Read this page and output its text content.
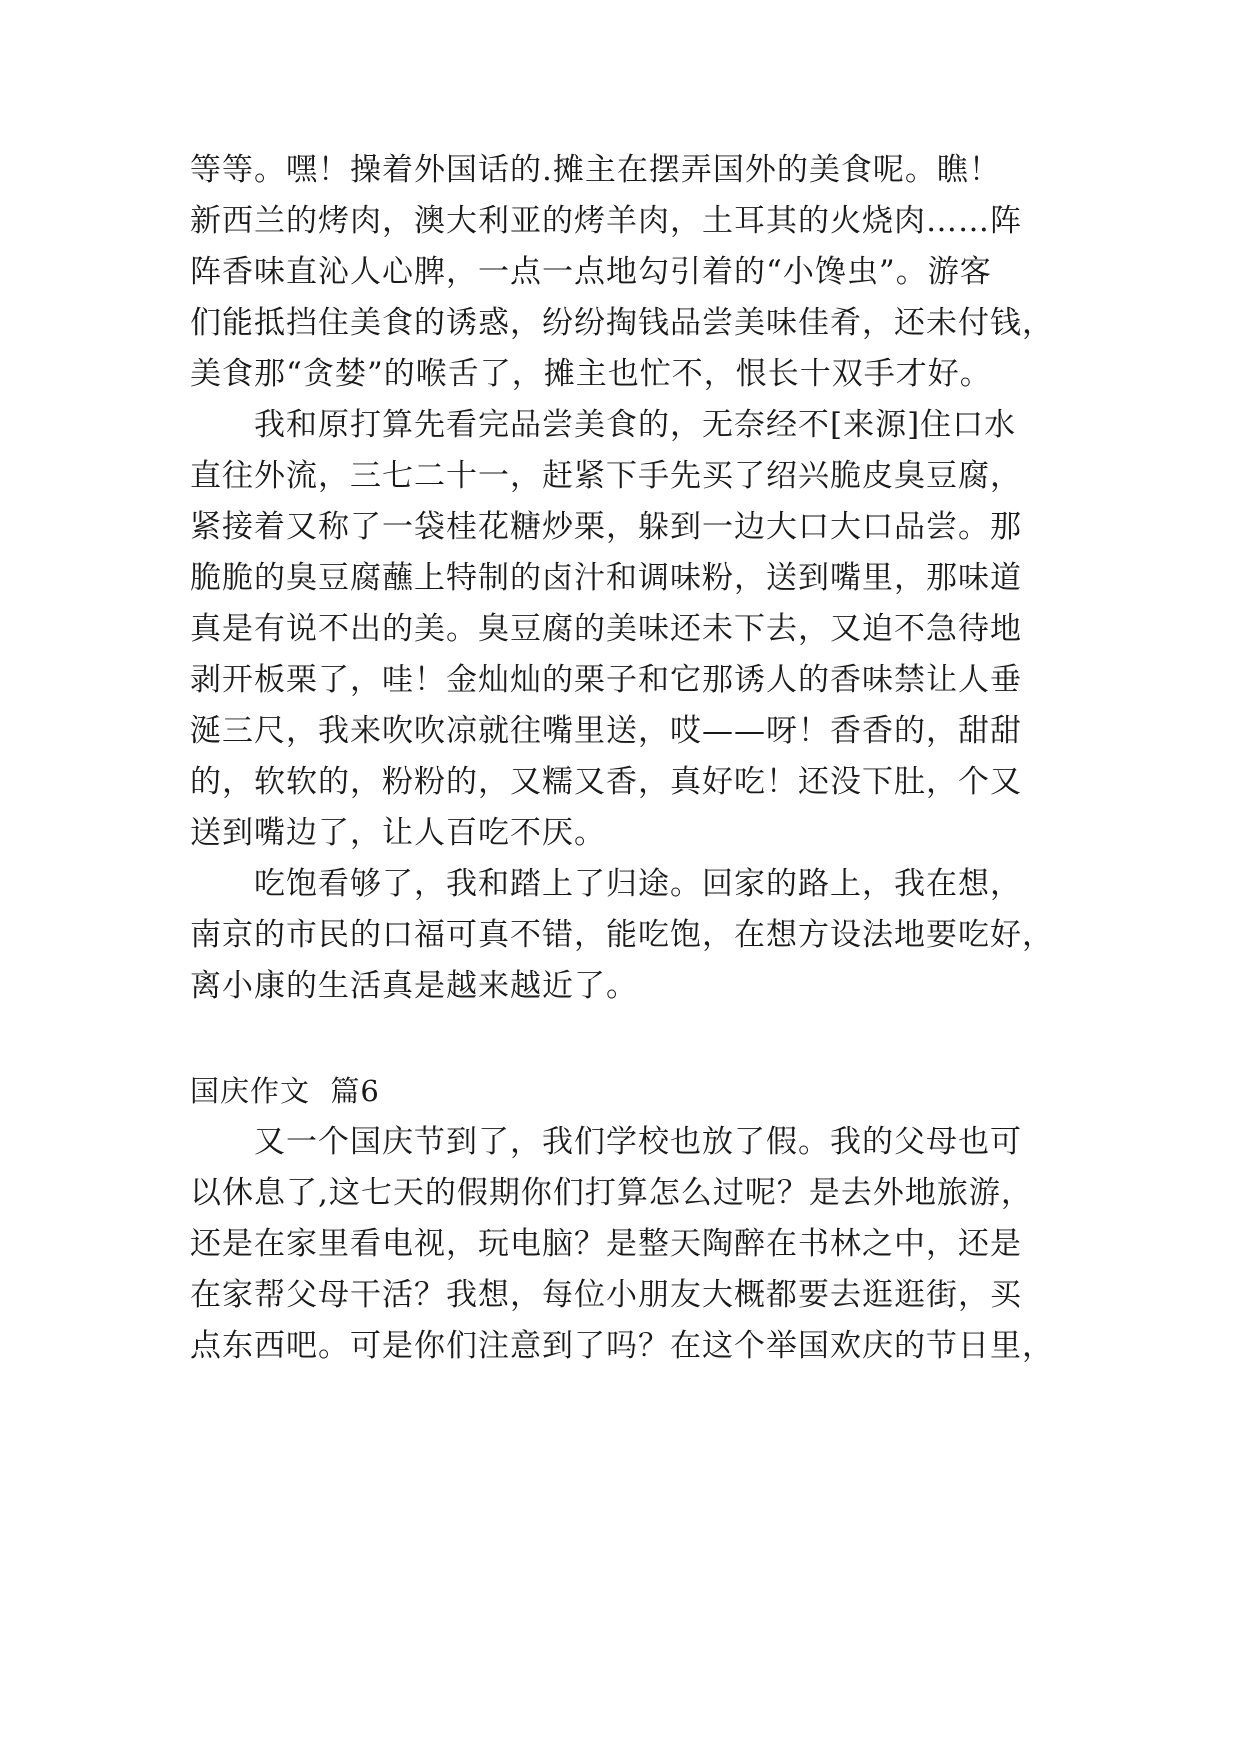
等等。嘿！操着外国话的.摊主在摆弄国外的美食呢。瞧！
新西兰的烤肉，澳大利亚的烤羊肉，土耳其的火烧肉……阵
阵香味直沁人心脾，一点一点地勾引着的“小馋虫”。游客
们能抵挡住美食的诱惑，纷纷掏钱品尝美味佳肴，还未付钱，
美食那“贪婪”的喉舌了，摊主也忙不，恨长十双手才好。
我和原打算先看完品尝美食的，无奈经不[来源]住口水
直往外流，三七二十一，赶紧下手先买了绍兴脆皮臭豆腐，
紧接着又称了一袋桂花糖炒栗，躲到一边大口大口品尝。那
脆脆的臭豆腐蘸上特制的卤汁和调味粉，送到嘴里，那味道
真是有说不出的美。臭豆腐的美味还未下去，又迫不急待地
剥开板栗了，哇！金灿灿的栗子和它那诱人的香味禁让人垂
涎三尺，我来吹吹凉就往嘴里送，哎——呀！香香的，甜甜
的，软软的，粉粉的，又糯又香，真好吃！还没下肚，个又
送到嘴边了，让人百吃不厌。
吃饱看够了，我和踏上了归途。回家的路上，我在想，
南京的市民的口福可真不错，能吃饱，在想方设法地要吃好，
离小康的生活真是越来越近了。
国庆作文  篇6
又一个国庆节到了，我们学校也放了假。我的父母也可
以休息了,这七天的假期你们打算怎么过呢？是去外地旅游，
还是在家里看电视，玩电脑？是整天陶醉在书林之中，还是
在家帮父母干活？我想，每位小朋友大概都要去逛逛街，买
点东西吧。可是你们注意到了吗？在这个举国欢庆的节日里，
